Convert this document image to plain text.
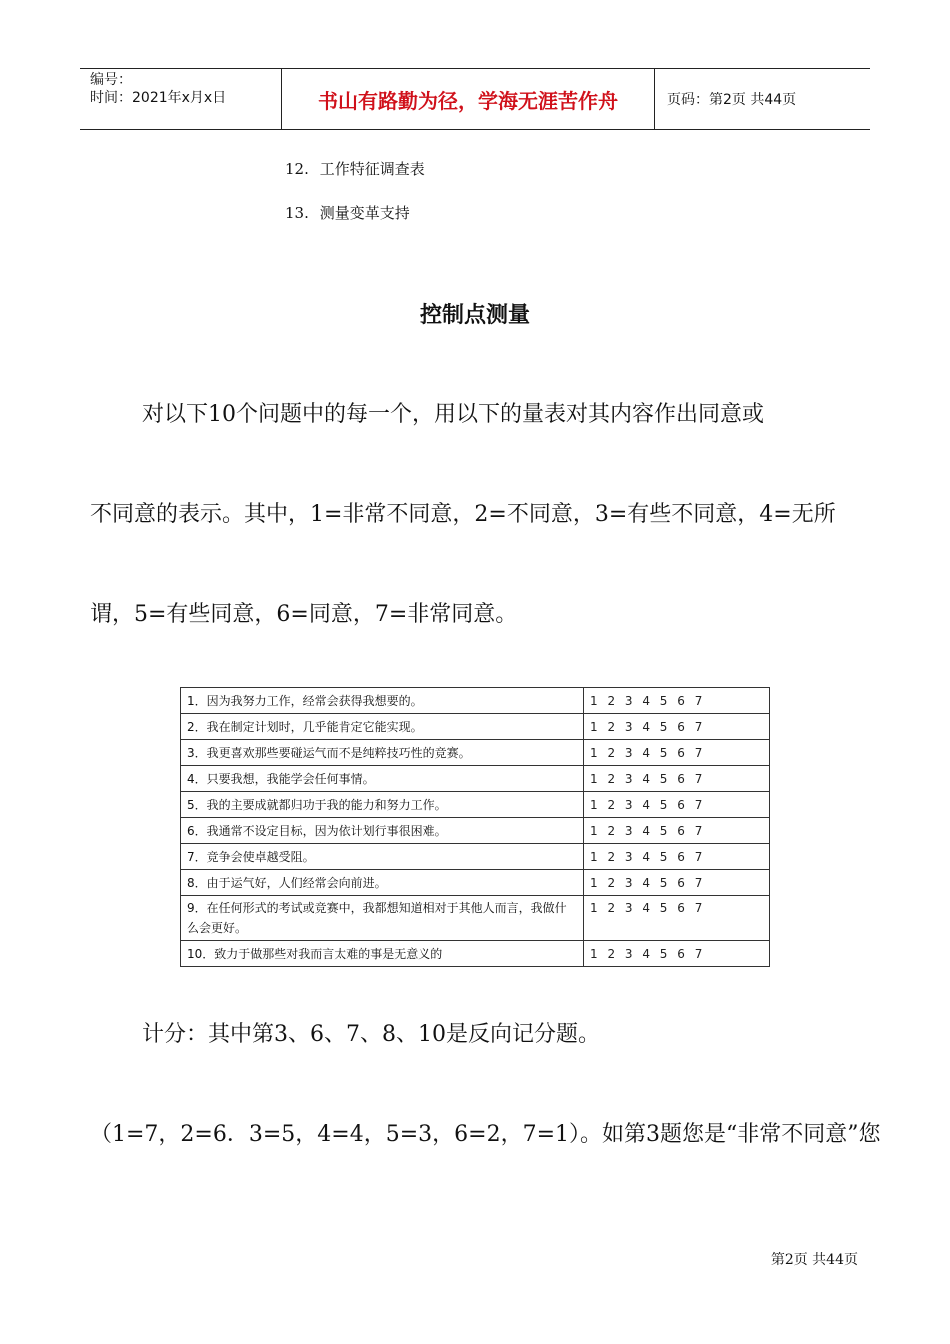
编号：
时间：2021年x月x日	书山有路勤为径，学海无涯苦作舟	页码：第2页 共44页
12. 工作特征调查表
13. 测量变革支持
控制点测量
对以下10个问题中的每一个，用以下的量表对其内容作出同意或
不同意的表示。其中，1=非常不同意，2=不同意，3=有些不同意，4=无所
谓，5=有些同意，6=同意，7=非常同意。
1．因为我努力工作，经常会获得我想要的。	1 2 3 4 5 6 7
2．我在制定计划时，几乎能肯定它能实现。	1 2 3 4 5 6 7
3．我更喜欢那些要碰运气而不是纯粹技巧性的竞赛。	1 2 3 4 5 6 7
4．只要我想，我能学会任何事情。	1 2 3 4 5 6 7
5．我的主要成就都归功于我的能力和努力工作。	1 2 3 4 5 6 7
6．我通常不设定目标，因为依计划行事很困难。	1 2 3 4 5 6 7
7．竞争会使卓越受阻。	1 2 3 4 5 6 7
8．由于运气好，人们经常会向前进。	1 2 3 4 5 6 7
9．在任何形式的考试或竞赛中，我都想知道相对于其他人而言，我做什么会更好。	1 2 3 4 5 6 7
10．致力于做那些对我而言太难的事是无意义的	1 2 3 4 5 6 7
计分：其中第3、6、7、8、10是反向记分题。
（1=7，2=6．3=5，4=4，5=3，6=2，7=1）。如第3题您是“非常不同意”您
第2页 共44页
